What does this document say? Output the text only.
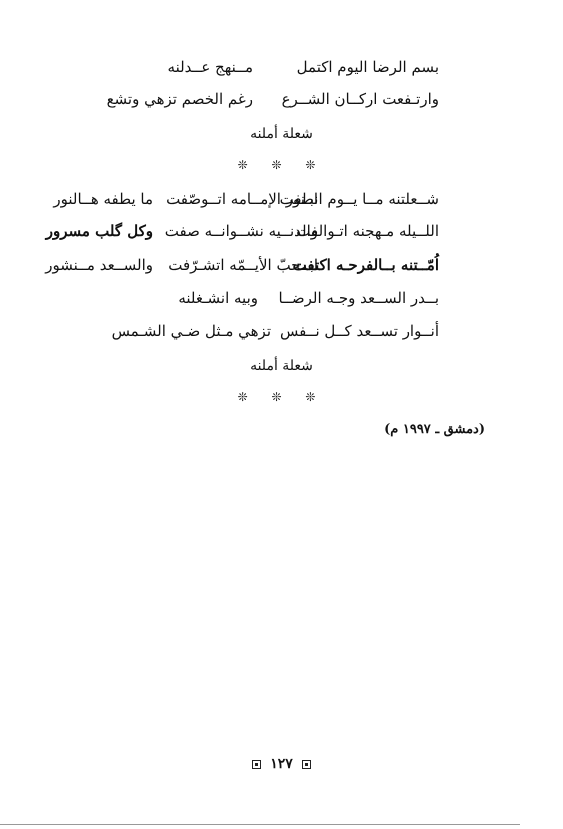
بسم الرضا اليوم اكتمل
مــنهج عــدلنه
وارتـفعت اركــان الشــرع
رغم الخصم تزهي وتشع
شعلة أملنه
❊ ❊ ❊
شــعلتنه مــا يــوم انطفت
ابـنور الإمــامه اتــوصّفت
ما يطفه هــالنور
اللــيله مـهجنه اتـوالفت
والدنــيه نشــوانــه صفت
وكل گلب مسرور
اُمّــتنه بــالفرحـه اكتفت
ابــحبّ الأيــمّه اتشـرّفت
والســعد مــنشور
بــدر الســعد وجـه الرضــا
وبيه انشـغلنه
أنــوار تســعد كــل نــفس
تزهي مـثل ضـي الشـمس
شعلة أملنه
❊ ❊ ❊
(دمشق ـ ١٩٩٧ م)
١٢٧
